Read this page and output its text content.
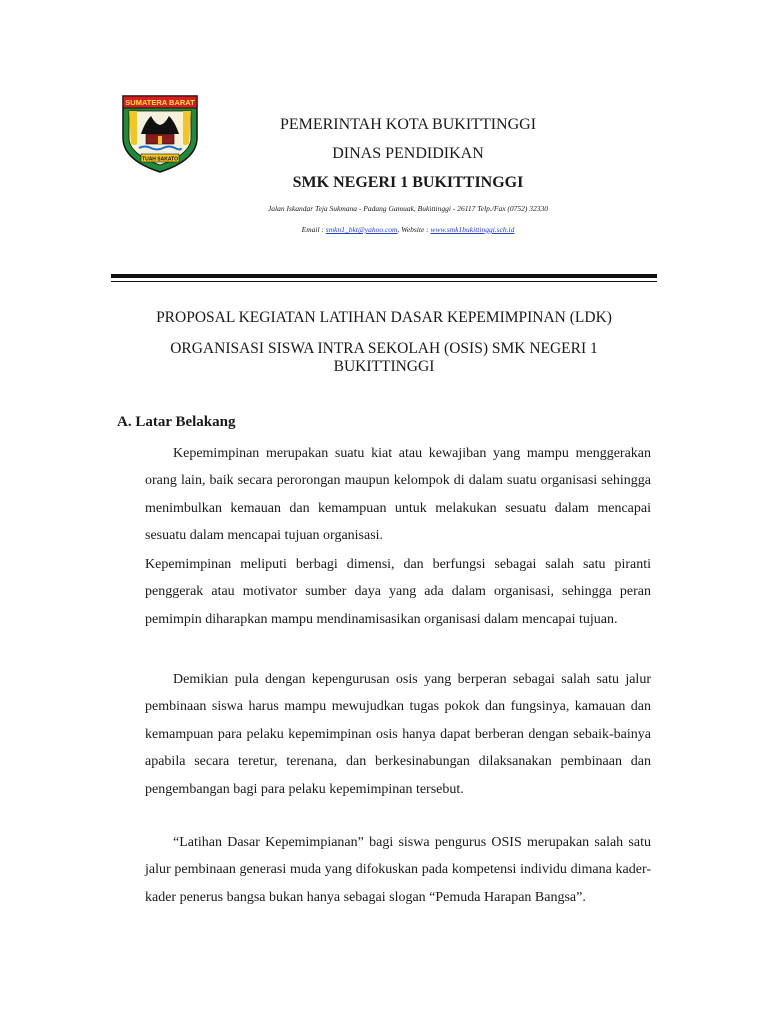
SUMATERA BARAT
TUAH SAKATO
PEMERINTAH KOTA BUKITTINGGI
DINAS PENDIDIKAN
SMK NEGERI 1 BUKITTINGGI
Jalan Iskandar Teja Sukmana - Padang Gamuak, Bukittinggi - 26117 Telp./Fax (0752) 32330
Email : smkn1_bkt@yahoo.com, Website : www.smk1bukittinggi.sch.id
PROPOSAL KEGIATAN LATIHAN DASAR KEPEMIMPINAN (LDK)
ORGANISASI SISWA INTRA SEKOLAH (OSIS) SMK NEGERI 1 BUKITTINGGI
A. Latar Belakang

Kepemimpinan merupakan suatu kiat atau kewajiban yang mampu menggerakan orang lain, baik secara perorongan maupun kelompok di dalam suatu organisasi sehingga menimbulkan kemauan dan kemampuan untuk melakukan sesuatu dalam mencapai sesuatu dalam mencapai tujuan organisasi.

Kepemimpinan meliputi berbagi dimensi, dan berfungsi sebagai salah satu piranti penggerak atau motivator sumber daya yang ada dalam organisasi, sehingga peran pemimpin diharapkan mampu mendinamisasikan organisasi dalam mencapai tujuan.

Demikian pula dengan kepengurusan osis yang berperan sebagai salah satu jalur pembinaan siswa harus mampu mewujudkan tugas pokok dan fungsinya, kamauan dan kemampuan para pelaku kepemimpinan osis hanya dapat berberan dengan sebaik-bainya apabila secara teretur, terenana, dan berkesinabungan dilaksanakan pembinaan dan pengembangan bagi para pelaku kepemimpinan tersebut.

“Latihan Dasar Kepemimpianan” bagi siswa pengurus OSIS merupakan salah satu jalur pembinaan generasi muda yang difokuskan pada kompetensi individu dimana kader-kader penerus bangsa bukan hanya sebagai slogan “Pemuda Harapan Bangsa”.
